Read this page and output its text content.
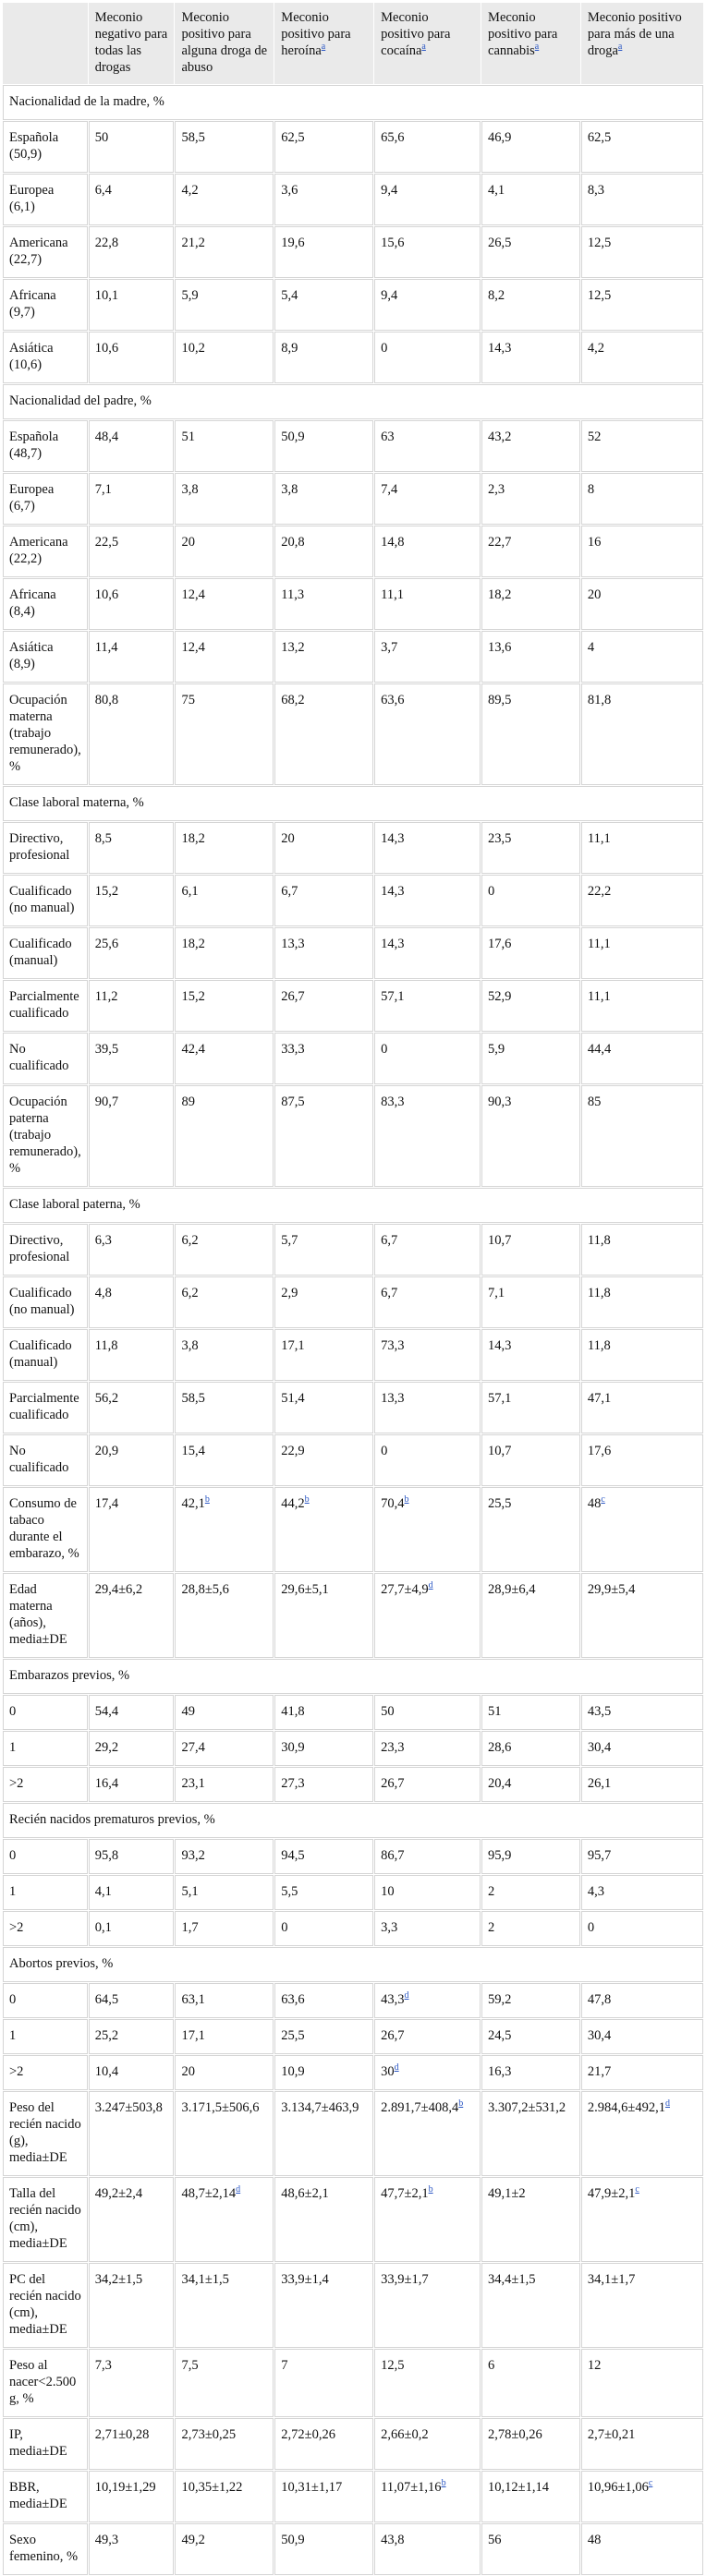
	Meconio negativo para todas las drogas	Meconio positivo para alguna droga de abuso	Meconio positivo para heroína$^a$	Meconio positivo para cocaína$^a$	Meconio positivo para cannabis$^a$	Meconio positivo para más de una droga$^a$
Nacionalidad de la madre, %						
Española (50,9)	50	58,5	62,5	65,6	46,9	62,5
Europea (6,1)	6,4	4,2	3,6	9,4	4,1	8,3
Americana (22,7)	22,8	21,2	19,6	15,6	26,5	12,5
Africana (9,7)	10,1	5,9	5,4	9,4	8,2	12,5
Asiática (10,6)	10,6	10,2	8,9	0	14,3	4,2
Nacionalidad del padre, %						
Española (48,7)	48,4	51	50,9	63	43,2	52
Europea (6,7)	7,1	3,8	3,8	7,4	2,3	8
Americana (22,2)	22,5	20	20,8	14,8	22,7	16
Africana (8,4)	10,6	12,4	11,3	11,1	18,2	20
Asiática (8,9)	11,4	12,4	13,2	3,7	13,6	4
Ocupación materna (trabajo remunerado), %	80,8	75	68,2	63,6	89,5	81,8
Clase laboral materna, %						
Directivo, profesional	8,5	18,2	20	14,3	23,5	11,1
Cualificado (no manual)	15,2	6,1	6,7	14,3	0	22,2
Cualificado (manual)	25,6	18,2	13,3	14,3	17,6	11,1
Parcialmente cualificado	11,2	15,2	26,7	57,1	52,9	11,1
No cualificado	39,5	42,4	33,3	0	5,9	44,4
Ocupación paterna (trabajo remunerado), %	90,7	89	87,5	83,3	90,3	85
Clase laboral paterna, %						
Directivo, profesional	6,3	6,2	5,7	6,7	10,7	11,8
Cualificado (no manual)	4,8	6,2	2,9	6,7	7,1	11,8
Cualificado (manual)	11,8	3,8	17,1	73,3	14,3	11,8
Parcialmente cualificado	56,2	58,5	51,4	13,3	57,1	47,1
No cualificado	20,9	15,4	22,9	0	10,7	17,6
Consumo de tabaco durante el embarazo, %	17,4	42,1$^b$	44,2$^b$	70,4$^b$	25,5	48$^c$
Edad materna (años), media±DE	29,4±6,2	28,8±5,6	29,6±5,1	27,7±4,9$^d$	28,9±6,4	29,9±5,4
Embarazos previos, %						
0	54,4	49	41,8	50	51	43,5
1	29,2	27,4	30,9	23,3	28,6	30,4
>2	16,4	23,1	27,3	26,7	20,4	26,1
Recién nacidos prematuros previos, %						
0	95,8	93,2	94,5	86,7	95,9	95,7
1	4,1	5,1	5,5	10	2	4,3
>2	0,1	1,7	0	3,3	2	0
Abortos previos, %						
0	64,5	63,1	63,6	43,3$^d$	59,2	47,8
1	25,2	17,1	25,5	26,7	24,5	30,4
>2	10,4	20	10,9	30$^d$	16,3	21,7
Peso del recién nacido (g), media±DE	3.247±503,8	3.171,5±506,6	3.134,7±463,9	2.891,7±408,4$^b$	3.307,2±531,2	2.984,6±492,1$^d$
Talla del recién nacido (cm), media±DE	49,2±2,4	48,7±2,14$^d$	48,6±2,1	47,7±2,1$^b$	49,1±2	47,9±2,1$^c$
PC del recién nacido (cm), media±DE	34,2±1,5	34,1±1,5	33,9±1,4	33,9±1,7	34,4±1,5	34,1±1,7
Peso al nacer<2.500 g, %	7,3	7,5	7	12,5	6	12
IP, media±DE	2,71±0,28	2,73±0,25	2,72±0,26	2,66±0,2	2,78±0,26	2,7±0,21
BBR, media±DE	10,19±1,29	10,35±1,22	10,31±1,17	11,07±1,16$^b$	10,12±1,14	10,96±1,06$^c$
Sexo femenino, %	49,3	49,2	50,9	43,8	56	48
